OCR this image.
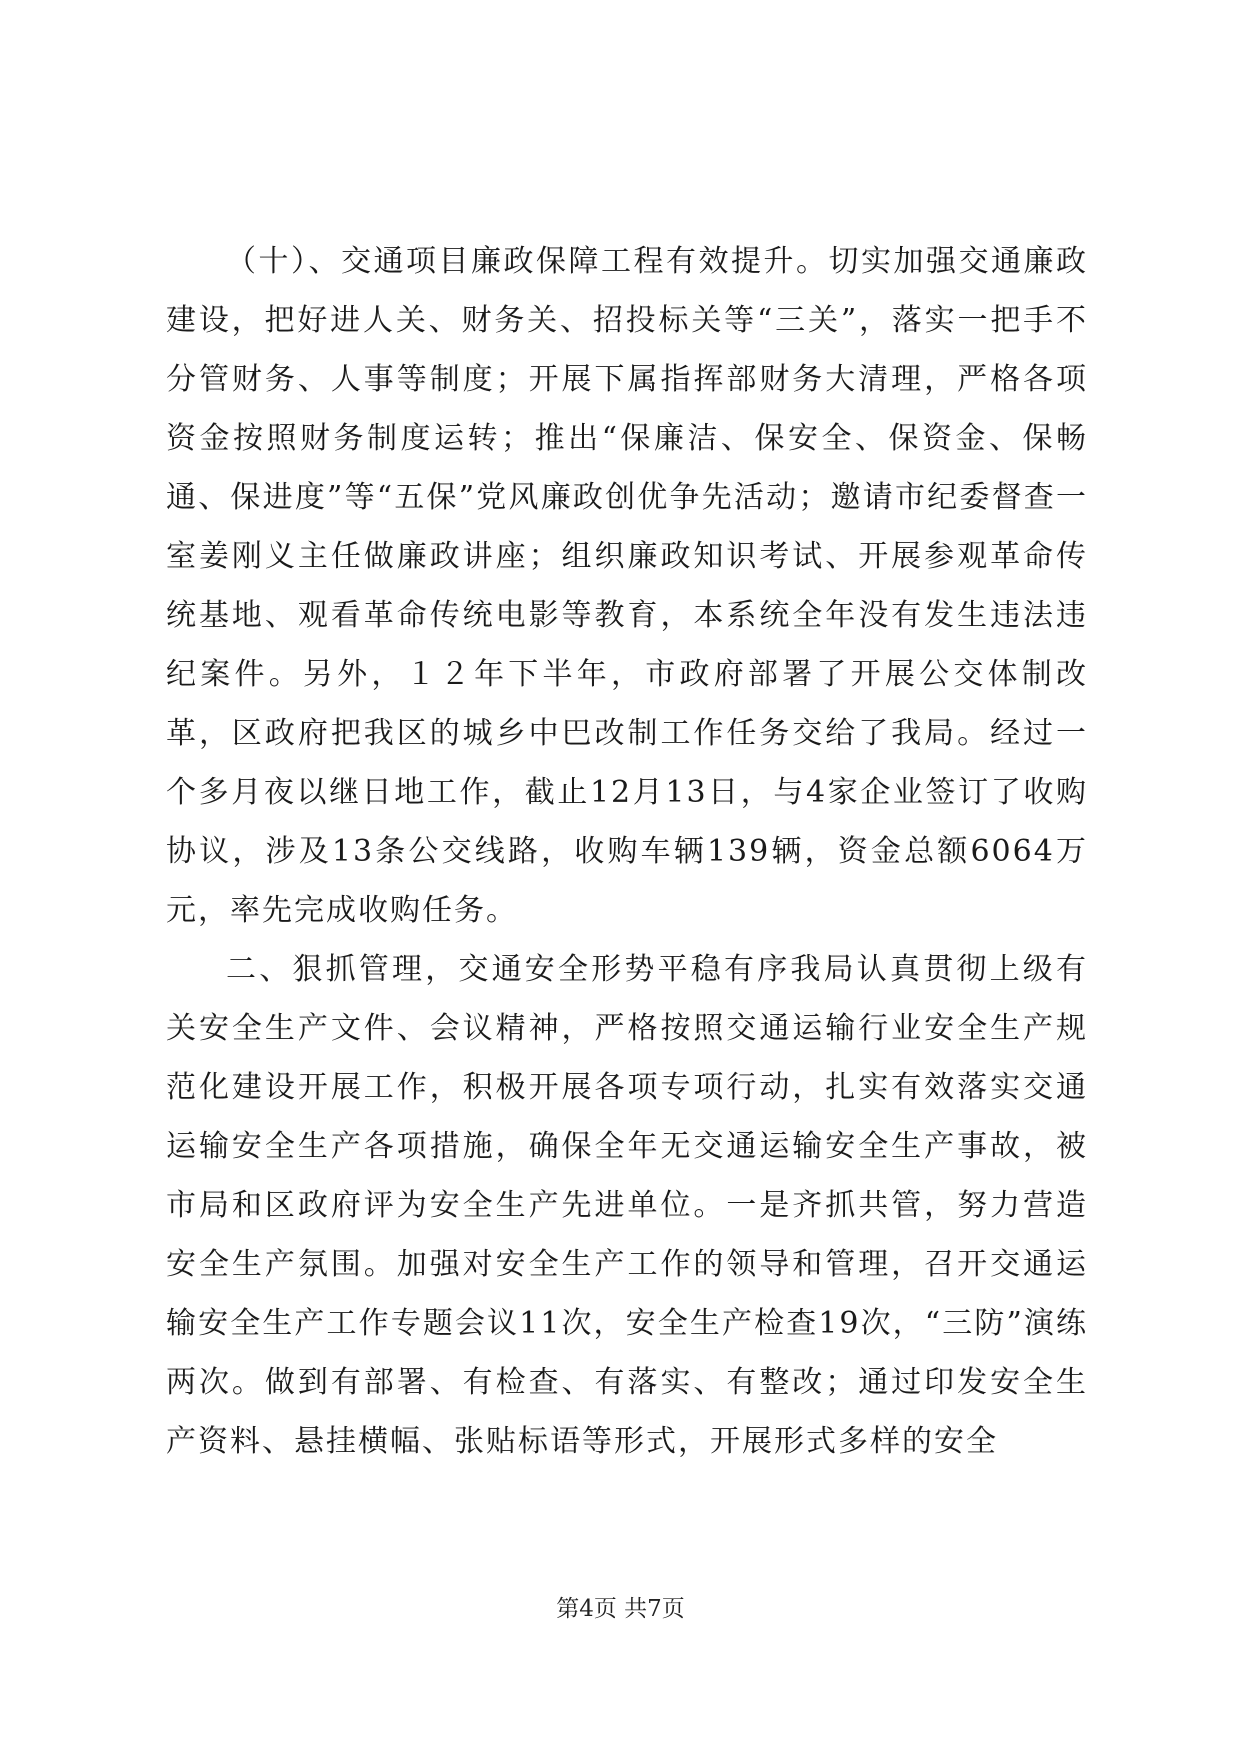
（十）、交通项目廉政保障工程有效提升。切实加强交通廉政建设，把好进人关、财务关、招投标关等“三关”，落实一把手不分管财务、人事等制度；开展下属指挥部财务大清理，严格各项资金按照财务制度运转；推出“保廉洁、保安全、保资金、保畅通、保进度”等“五保”党风廉政创优争先活动；邀请市纪委督查一室姜刚义主任做廉政讲座；组织廉政知识考试、开展参观革命传统基地、观看革命传统电影等教育，本系统全年没有发生违法违纪案件。另外，１２年下半年，市政府部署了开展公交体制改革，区政府把我区的城乡中巴改制工作任务交给了我局。经过一个多月夜以继日地工作，截止12月13日，与4家企业签订了收购协议，涉及13条公交线路，收购车辆139辆，资金总额6064万元，率先完成收购任务。

二、狠抓管理，交通安全形势平稳有序我局认真贯彻上级有关安全生产文件、会议精神，严格按照交通运输行业安全生产规范化建设开展工作，积极开展各项专项行动，扎实有效落实交通运输安全生产各项措施，确保全年无交通运输安全生产事故，被市局和区政府评为安全生产先进单位。一是齐抓共管，努力营造安全生产氛围。加强对安全生产工作的领导和管理，召开交通运输安全生产工作专题会议11次，安全生产检查19次，“三防”演练两次。做到有部署、有检查、有落实、有整改；通过印发安全生产资料、悬挂横幅、张贴标语等形式，开展形式多样的安全

第4页 共7页
